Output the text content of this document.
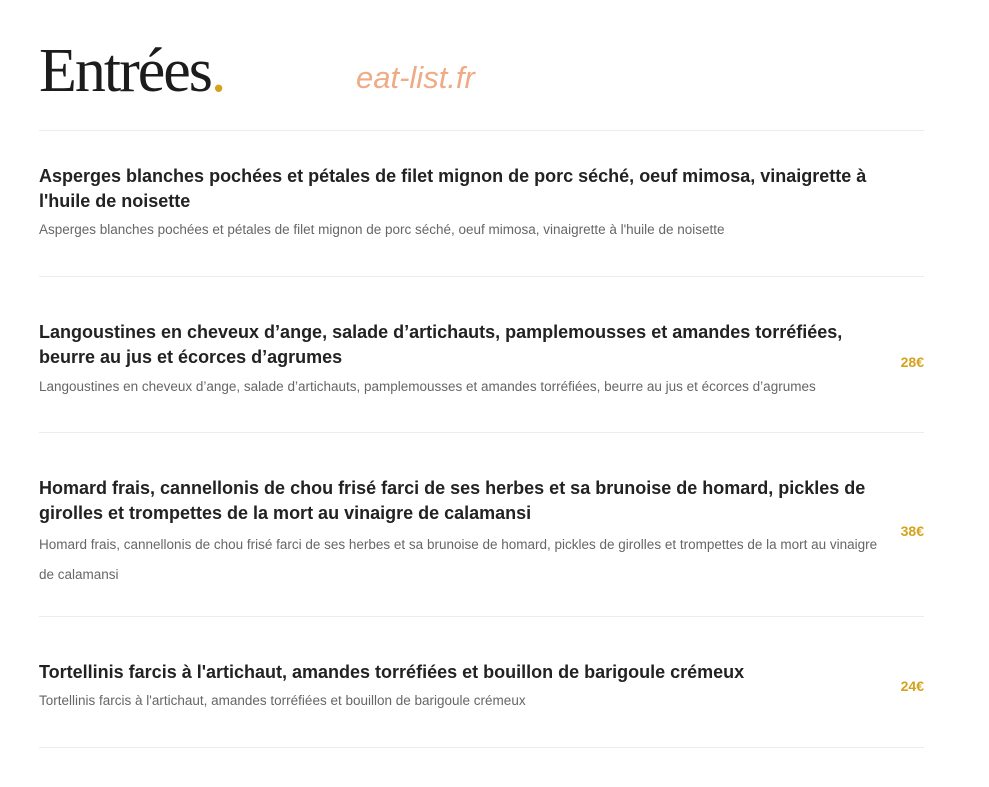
Entrées.	eat-list.fr

Asperges blanches pochées et pétales de filet mignon de porc séché, oeuf mimosa, vinaigrette à l'huile de noisette

Asperges blanches pochées et pétales de filet mignon de porc séché, oeuf mimosa, vinaigrette à l'huile de noisette

Langoustines en cheveux d’ange, salade d’artichauts, pamplemousses et amandes torréfiées, beurre au jus et écorces d’agrumes

Langoustines en cheveux d’ange, salade d’artichauts, pamplemousses et amandes torréfiées, beurre au jus et écorces d’agrumes

28€

Homard frais, cannellonis de chou frisé farci de ses herbes et sa brunoise de homard, pickles de girolles et trompettes de la mort au vinaigre de calamansi

Homard frais, cannellonis de chou frisé farci de ses herbes et sa brunoise de homard, pickles de girolles et trompettes de la mort au vinaigre de calamansi

38€

Tortellinis farcis à l'artichaut, amandes torréfiées et bouillon de barigoule crémeux

Tortellinis farcis à l'artichaut, amandes torréfiées et bouillon de barigoule crémeux

24€
